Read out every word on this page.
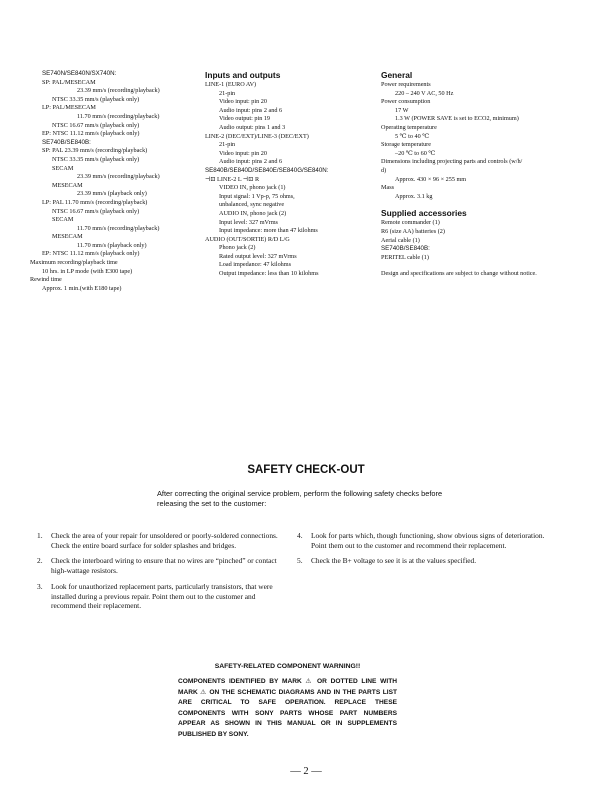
SE740N/SE840N/SX740N:
SP: PAL/MESECAM
23.39 mm/s (recording/playback)
NTSC 33.35 mm/s (playback only)
LP: PAL/MESECAM
11.70 mm/s (recording/playback)
NTSC 16.67 mm/s (playback only)
EP: NTSC 11.12 mm/s (playback only)
SE740B/SE840B:
SP: PAL 23.39 mm/s (recording/playback)
NTSC 33.35 mm/s (playback only)
SECAM
23.39 mm/s (recording/playback)
MESECAM
23.39 mm/s (playback only)
LP: PAL 11.70 mm/s (recording/playback)
NTSC 16.67 mm/s (playback only)
SECAM
11.70 mm/s (recording/playback)
MESECAM
11.70 mm/s (playback only)
EP: NTSC 11.12 mm/s (playback only)
Maximum recording/playback time
10 hrs. in LP mode (with E300 tape)
Rewind time
Approx. 1 min.(with E180 tape)
Inputs and outputs
LINE-1 (EURO AV)
21-pin
Video input: pin 20
Audio input: pins 2 and 6
Video output: pin 19
Audio output: pins 1 and 3
LINE-2 (DEC/EXT)/LINE-3 (DEC/EXT)
21-pin
Video input: pin 20
Audio input: pins 2 and 6
SE840B/SE840D/SE840E/SE840G/SE840N:
⊣⊡ LINE-2 L ⊣⊡ R
VIDEO IN, phono jack (1)
Input signal: 1 Vp-p, 75 ohms,
unbalanced, sync negative
AUDIO IN, phono jack (2)
Input level: 327 mVrms
Input impedance: more than 47 kilohms
AUDIO (OUT/SORTIE) R/D L/G
Phono jack (2)
Rated output level: 327 mVrms
Load impedance: 47 kilohms
Output impedance: less than 10 kilohms
General
Power requirements
220 – 240 V AC, 50 Hz
Power consumption
17 W
1.3 W (POWER SAVE is set to ECO2, minimum)
Operating temperature
5 ℃ to 40 ℃
Storage temperature
–20 ℃ to 60 ℃
Dimensions including projecting parts and controls (w/h/
d)
Approx. 430 × 96 × 255 mm
Mass
Approx. 3.1 kg
Supplied accessories
Remote commander (1)
R6 (size AA) batteries (2)
Aerial cable (1)
SE740B/SE840B:
PERITEL cable (1)
Design and specifications are subject to change without notice.
SAFETY CHECK-OUT
After correcting the original service problem, perform the following safety checks before releasing the set to the customer:
1.	Check the area of your repair for unsoldered or poorly-soldered connections. Check the entire board surface for solder splashes and bridges.
2.	Check the interboard wiring to ensure that no wires are “pinched” or contact high-wattage resistors.
3.	Look for unauthorized replacement parts, particularly transistors, that were installed during a previous repair. Point them out to the customer and recommend their replacement.
4.	Look for parts which, though functioning, show obvious signs of deterioration. Point them out to the customer and recommend their replacement.
5.	Check the B+ voltage to see it is at the values specified.
SAFETY-RELATED COMPONENT WARNING!!
COMPONENTS IDENTIFIED BY MARK ⚠ OR DOTTED LINE WITH MARK ⚠ ON THE SCHEMATIC DIAGRAMS AND IN THE PARTS LIST ARE CRITICAL TO SAFE OPERATION. REPLACE THESE COMPONENTS WITH SONY PARTS WHOSE PART NUMBERS APPEAR AS SHOWN IN THIS MANUAL OR IN SUPPLEMENTS PUBLISHED BY SONY.
— 2 —
